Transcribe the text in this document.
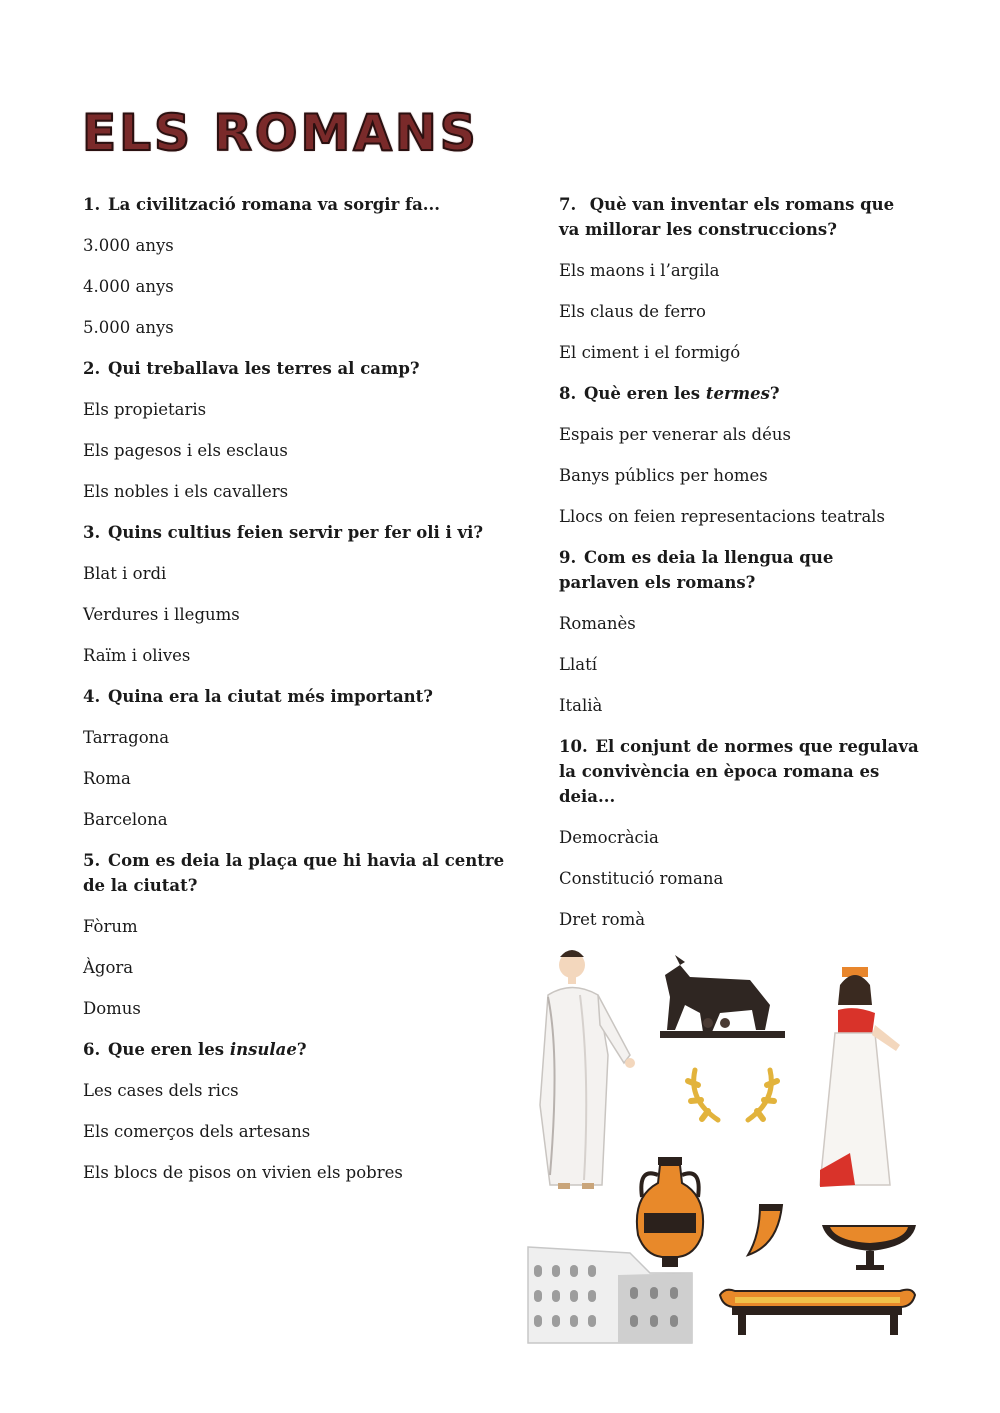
ELS ROMANS

1. La civilització romana va sorgir fa...

3.000 anys

4.000 anys

5.000 anys

2. Qui treballava les terres al camp?

Els propietaris

Els pagesos i els esclaus

Els nobles i els cavallers

3. Quins cultius feien servir per fer oli i vi?

Blat i ordi

Verdures i llegums

Raïm i olives

4. Quina era la ciutat més important?

Tarragona

Roma

Barcelona

5. Com es deia la plaça que hi havia al centre de la ciutat?

Fòrum

Àgora

Domus

6. Que eren les insulae?

Les cases dels rics

Els comerços dels artesans

Els blocs de pisos on vivien els pobres

7. Què van inventar els romans que va millorar les construccions?

Els maons i l’argila

Els claus de ferro

El ciment i el formigó

8. Què eren les termes?

Espais per venerar als déus

Banys públics per homes

Llocs on feien representacions teatrals

9. Com es deia la llengua que parlaven els romans?

Romanès

Llatí

Italià

10. El conjunt de normes que regulava la convivència en època romana es deia...

Democràcia

Constitució romana

Dret romà
